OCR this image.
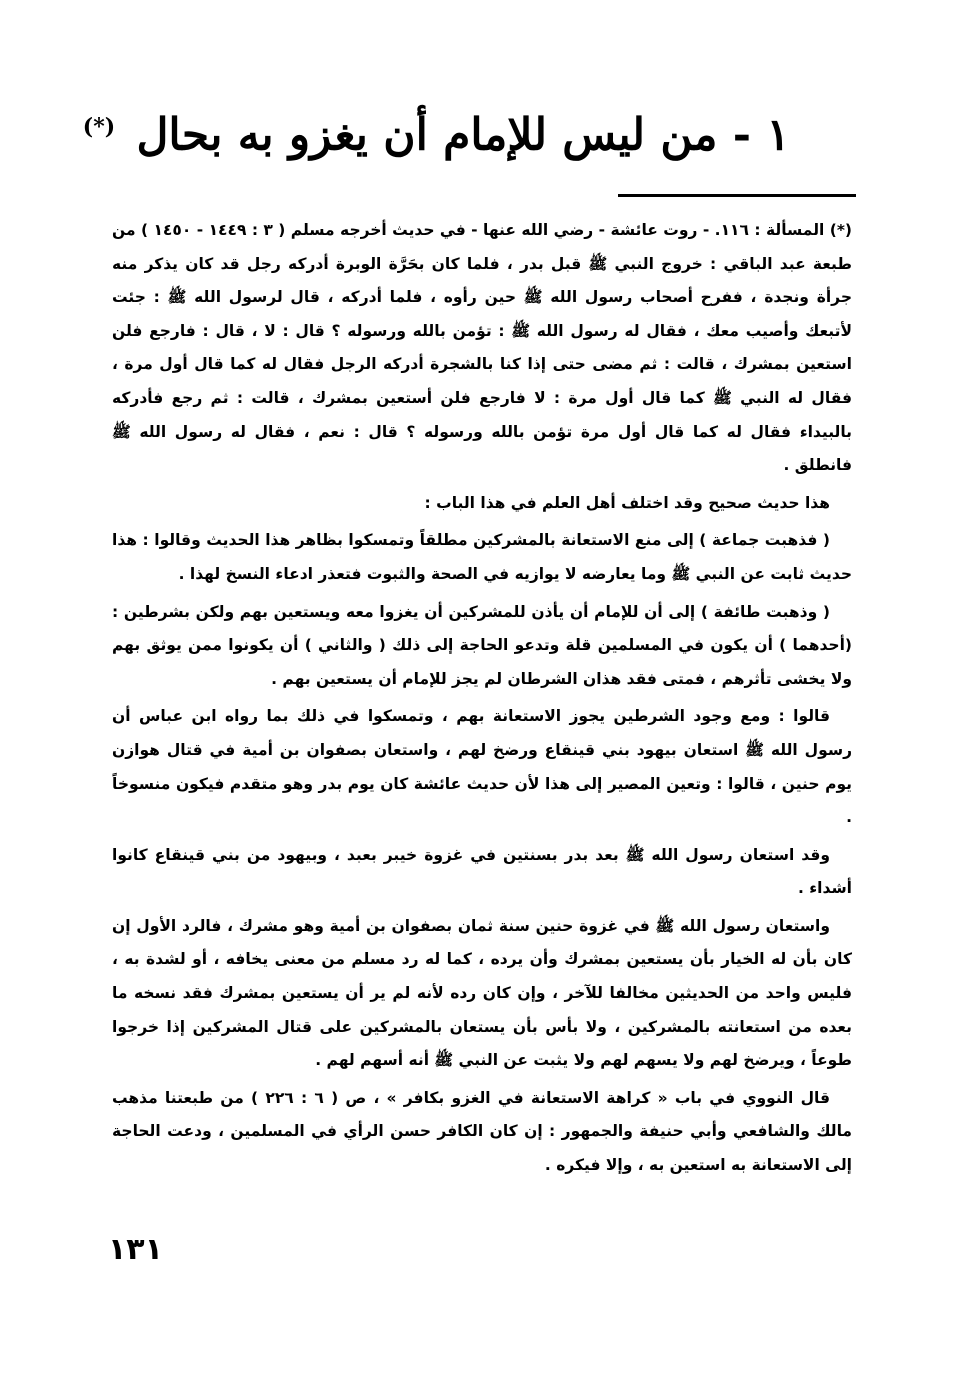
١ - من ليس للإمام أن يغزو به بحال (*)

(*) المسألة : ١١٦. - روت عائشة - رضي الله عنها - في حديث أخرجه مسلم ( ٣ : ١٤٤٩ - ١٤٥٠ ) من طبعة عبد الباقي : خروج النبي ﷺ قبل بدر ، فلما كان بحَرَّة الوبرة أدركه رجل قد كان يذكر منه جرأة ونجدة ، ففرح أصحاب رسول الله ﷺ حين رأوه ، فلما أدركه ، قال لرسول الله ﷺ : جئت لأتبعك وأصيب معك ، فقال له رسول الله ﷺ : تؤمن بالله ورسوله ؟ قال : لا ، قال : فارجع فلن استعين بمشرك ، قالت : ثم مضى حتى إذا كنا بالشجرة أدركه الرجل فقال له كما قال أول مرة ، فقال له النبي ﷺ كما قال أول مرة : لا فارجع فلن أستعين بمشرك ، قالت : ثم رجع فأدركه بالبيداء فقال له كما قال أول مرة تؤمن بالله ورسوله ؟ قال : نعم ، فقال له رسول الله ﷺ فانطلق .

هذا حديث صحيح وقد اختلف أهل العلم في هذا الباب :

( فذهبت جماعة ) إلى منع الاستعانة بالمشركين مطلقاً وتمسكوا بظاهر هذا الحديث وقالوا : هذا حديث ثابت عن النبي ﷺ وما يعارضه لا يوازيه في الصحة والثبوت فتعذر ادعاء النسخ لهذا .

( وذهبت طائفة ) إلى أن للإمام أن يأذن للمشركين أن يغزوا معه ويستعين بهم ولكن بشرطين : (أحدهما ) أن يكون في المسلمين قلة وتدعو الحاجة إلى ذلك ( والثاني ) أن يكونوا ممن يوثق بهم ولا يخشى تأثرهم ، فمتى فقد هذان الشرطان لم يجز للإمام أن يستعين بهم .

قالوا : ومع وجود الشرطين يجوز الاستعانة بهم ، وتمسكوا في ذلك بما رواه ابن عباس أن رسول الله ﷺ استعان بيهود بني قينقاع ورضخ لهم ، واستعان بصفوان بن أمية في قتال هوازن يوم حنين ، قالوا : وتعين المصير إلى هذا لأن حديث عائشة كان يوم بدر وهو متقدم فيكون منسوخاً .

وقد استعان رسول الله ﷺ بعد بدر بسنتين في غزوة خيبر بعبد ، وبيهود من بني قينقاع كانوا أشداء .

واستعان رسول الله ﷺ في غزوة حنين سنة ثمان بصفوان بن أمية وهو مشرك ، فالرد الأول إن كان بأن له الخيار بأن يستعين بمشرك وأن يرده ، كما له رد مسلم من معنى يخافه ، أو لشدة به ، فليس واحد من الحديثين مخالفا للآخر ، وإن كان رده لأنه لم ير أن يستعين بمشرك فقد نسخه ما بعده من استعانته بالمشركين ، ولا بأس بأن يستعان بالمشركين على قتال المشركين إذا خرجوا طوعاً ، ويرضخ لهم ولا يسهم لهم ولا يثبت عن النبي ﷺ أنه أسهم لهم .

قال النووي في باب « كراهة الاستعانة في الغزو بكافر » ، ص ( ٦ : ٢٢٦ ) من طبعتنا مذهب مالك والشافعي وأبي حنيفة والجمهور : إن كان الكافر حسن الرأي في المسلمين ، ودعت الحاجة إلى الاستعانة به استعين به ، وإلا فيكره .

١٣١
